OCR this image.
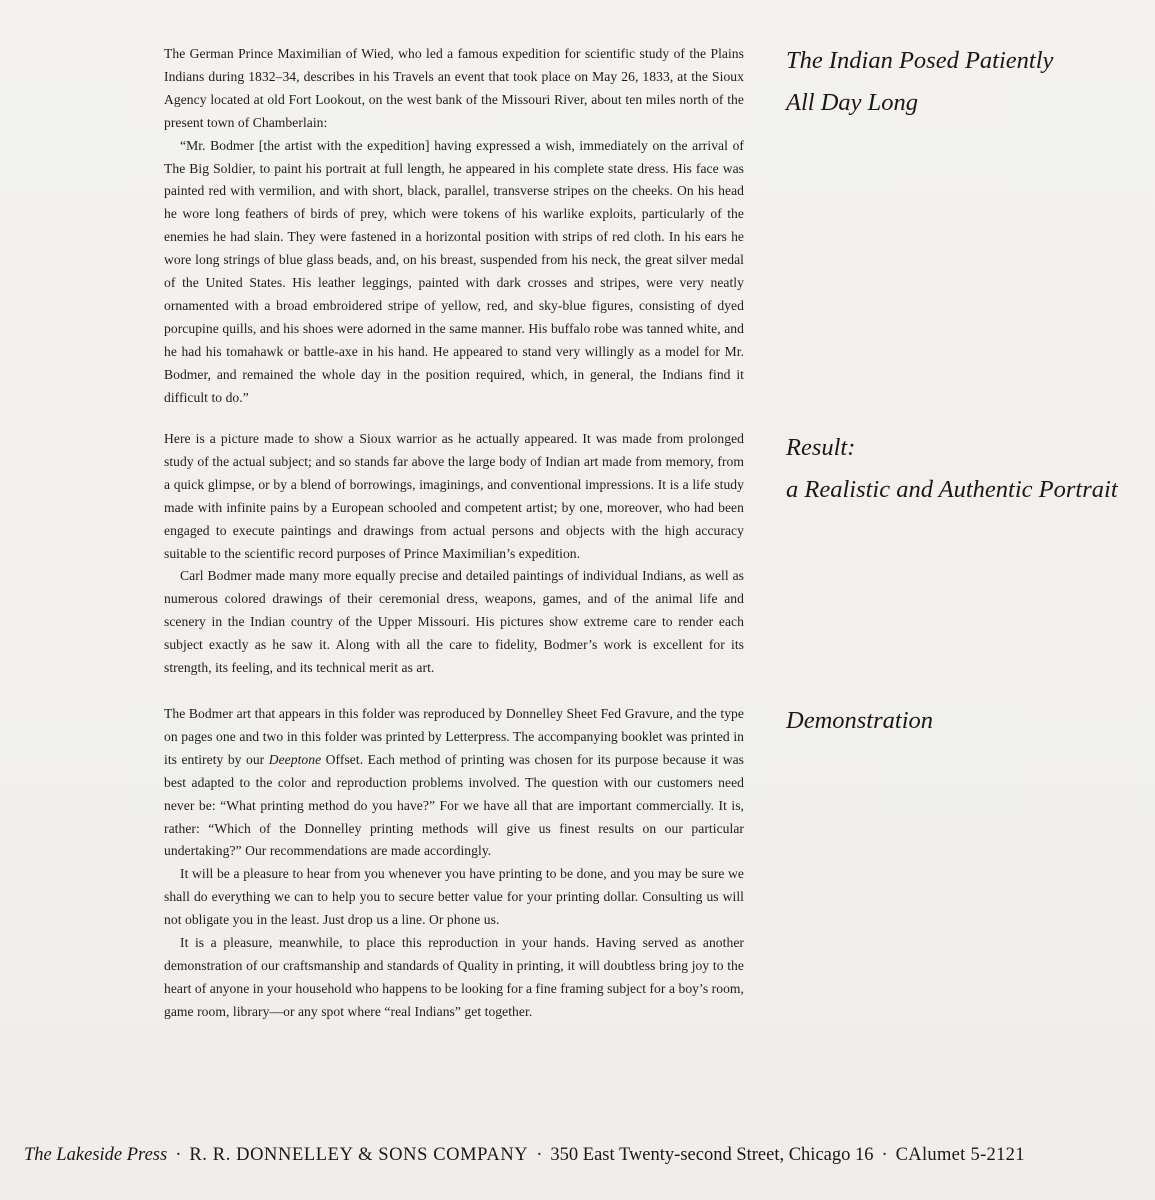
The German Prince Maximilian of Wied, who led a famous expedition for scientific study of the Plains Indians during 1832–34, describes in his Travels an event that took place on May 26, 1833, at the Sioux Agency located at old Fort Lookout, on the west bank of the Missouri River, about ten miles north of the present town of Chamberlain:

“Mr. Bodmer [the artist with the expedition] having expressed a wish, immediately on the arrival of The Big Soldier, to paint his portrait at full length, he appeared in his complete state dress. His face was painted red with vermilion, and with short, black, parallel, transverse stripes on the cheeks. On his head he wore long feathers of birds of prey, which were tokens of his warlike exploits, particularly of the enemies he had slain. They were fastened in a horizontal position with strips of red cloth. In his ears he wore long strings of blue glass beads, and, on his breast, suspended from his neck, the great silver medal of the United States. His leather leggings, painted with dark crosses and stripes, were very neatly ornamented with a broad embroidered stripe of yellow, red, and sky-blue figures, consisting of dyed porcupine quills, and his shoes were adorned in the same manner. His buffalo robe was tanned white, and he had his tomahawk or battle-axe in his hand. He appeared to stand very willingly as a model for Mr. Bodmer, and remained the whole day in the position required, which, in general, the Indians find it difficult to do.”

The Indian Posed Patiently
All Day Long

Here is a picture made to show a Sioux warrior as he actually appeared. It was made from prolonged study of the actual subject; and so stands far above the large body of Indian art made from memory, from a quick glimpse, or by a blend of borrowings, imaginings, and conventional impressions. It is a life study made with infinite pains by a European schooled and competent artist; by one, moreover, who had been engaged to execute paintings and drawings from actual persons and objects with the high accuracy suitable to the scientific record purposes of Prince Maximilian’s expedition.

Carl Bodmer made many more equally precise and detailed paintings of individual Indians, as well as numerous colored drawings of their ceremonial dress, weapons, games, and of the animal life and scenery in the Indian country of the Upper Missouri. His pictures show extreme care to render each subject exactly as he saw it. Along with all the care to fidelity, Bodmer’s work is excellent for its strength, its feeling, and its technical merit as art.

Result:
a Realistic and Authentic Portrait

The Bodmer art that appears in this folder was reproduced by Donnelley Sheet Fed Gravure, and the type on pages one and two in this folder was printed by Letterpress. The accompanying booklet was printed in its entirety by our Deeptone Offset. Each method of printing was chosen for its purpose because it was best adapted to the color and reproduction problems involved. The question with our customers need never be: “What printing method do you have?” For we have all that are important commercially. It is, rather: “Which of the Donnelley printing methods will give us finest results on our particular undertaking?” Our recommendations are made accordingly.

It will be a pleasure to hear from you whenever you have printing to be done, and you may be sure we shall do everything we can to help you to secure better value for your printing dollar. Consulting us will not obligate you in the least. Just drop us a line. Or phone us.

It is a pleasure, meanwhile, to place this reproduction in your hands. Having served as another demonstration of our craftsmanship and standards of Quality in printing, it will doubtless bring joy to the heart of anyone in your household who happens to be looking for a fine framing subject for a boy’s room, game room, library—or any spot where “real Indians” get together.

Demonstration
The Lakeside Press · R. R. DONNELLEY & SONS COMPANY · 350 East Twenty-second Street, Chicago 16 · CAlumet 5-2121
